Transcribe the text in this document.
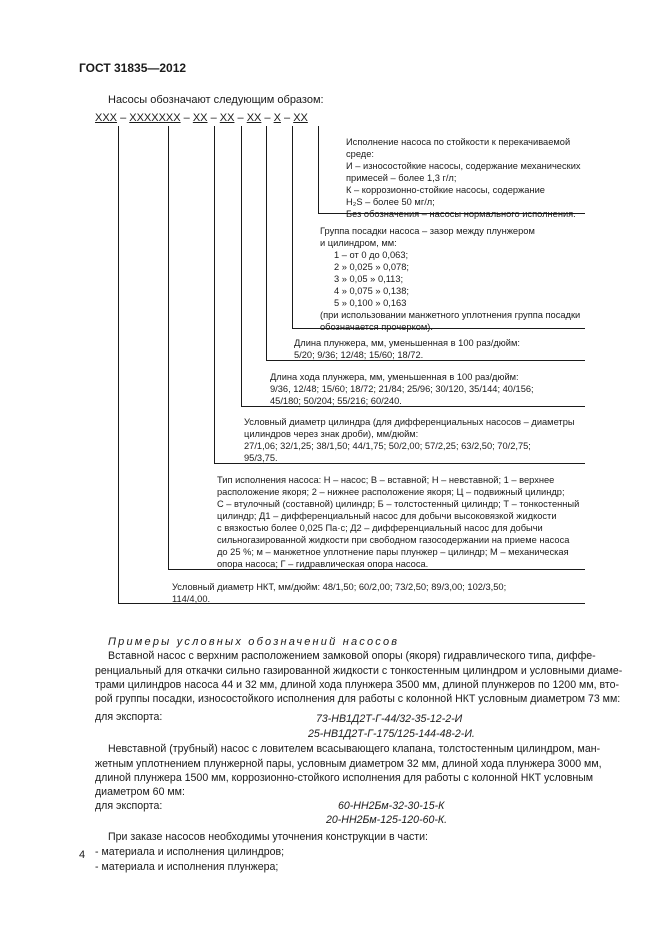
ГОСТ 31835—2012
Насосы обозначают следующим образом:
ХХХ – ХХХХХХХ – ХХ – ХХ – ХХ – Х – ХХ
Исполнение насоса по стойкости к перекачиваемой
среде:
И – износостойкие насосы, содержание механических
примесей – более 1,3 г/л;
К – коррозионно-стойкие насосы, содержание
H₂S – более 50 мг/л;
Без обозначения – насосы нормального исполнения.
Группа посадки насоса – зазор между плунжером
и цилиндром, мм:
1 – от 0 до 0,063;
2 » 0,025 » 0,078;
3 » 0,05 » 0,113;
4 » 0,075 » 0,138;
5 » 0,100 » 0,163
(при использовании манжетного уплотнения группа посадки
обозначается прочерком).
Длина плунжера, мм, уменьшенная в 100 раз/дюйм:
5/20; 9/36; 12/48; 15/60; 18/72.
Длина хода плунжера, мм, уменьшенная в 100 раз/дюйм:
9/36, 12/48; 15/60; 18/72; 21/84; 25/96; 30/120, 35/144; 40/156;
45/180; 50/204; 55/216; 60/240.
Условный диаметр цилиндра (для дифференциальных насосов – диаметры
цилиндров через знак дроби), мм/дюйм:
27/1,06; 32/1,25; 38/1,50; 44/1,75; 50/2,00; 57/2,25; 63/2,50; 70/2,75;
95/3,75.
Тип исполнения насоса: Н – насос; В – вставной; Н – невставной; 1 – верхнее
расположение якоря; 2 – нижнее расположение якоря; Ц – подвижный цилиндр;
С – втулочный (составной) цилиндр; Б – толстостенный цилиндр; Т – тонкостенный
цилиндр; Д1 – дифференциальный насос для добычи высоковязкой жидкости
с вязкостью более 0,025 Па·с; Д2 – дифференциальный насос для добычи
сильногазированной жидкости при свободном газосодержании на приеме насоса
до 25 %; м – манжетное уплотнение пары плунжер – цилиндр; М – механическая
опора насоса; Г – гидравлическая опора насоса.
Условный диаметр НКТ, мм/дюйм: 48/1,50; 60/2,00; 73/2,50; 89/3,00; 102/3,50;
114/4,00.
Примеры условных обозначений насосов
Вставной насос с верхним расположением замковой опоры (якоря) гидравлического типа, диффе-
ренциальный для откачки сильно газированной жидкости с тонкостенным цилиндром и условными диаме-
трами цилиндров насоса 44 и 32 мм, длиной хода плунжера 3500 мм, длиной плунжеров по 1200 мм, вто-
рой группы посадки, износостойкого исполнения для работы с колонной НКТ условным диаметром 73 мм:
для экспорта:	73-НВ1Д2Т-Г-44/32-35-12-2-И
25-НВ1Д2Т-Г-175/125-144-48-2-И.
Невставной (трубный) насос с ловителем всасывающего клапана, толстостенным цилиндром, ман-
жетным уплотнением плунжерной пары, условным диаметром 32 мм, длиной хода плунжера 3000 мм,
длиной плунжера 1500 мм, коррозионно-стойкого исполнения для работы с колонной НКТ условным
диаметром 60 мм:
для экспорта:	60-НН2Бм-32-30-15-К
20-НН2Бм-125-120-60-К.
При заказе насосов необходимы уточнения конструкции в части:
- материала и исполнения цилиндров;
- материала и исполнения плунжера;
4
